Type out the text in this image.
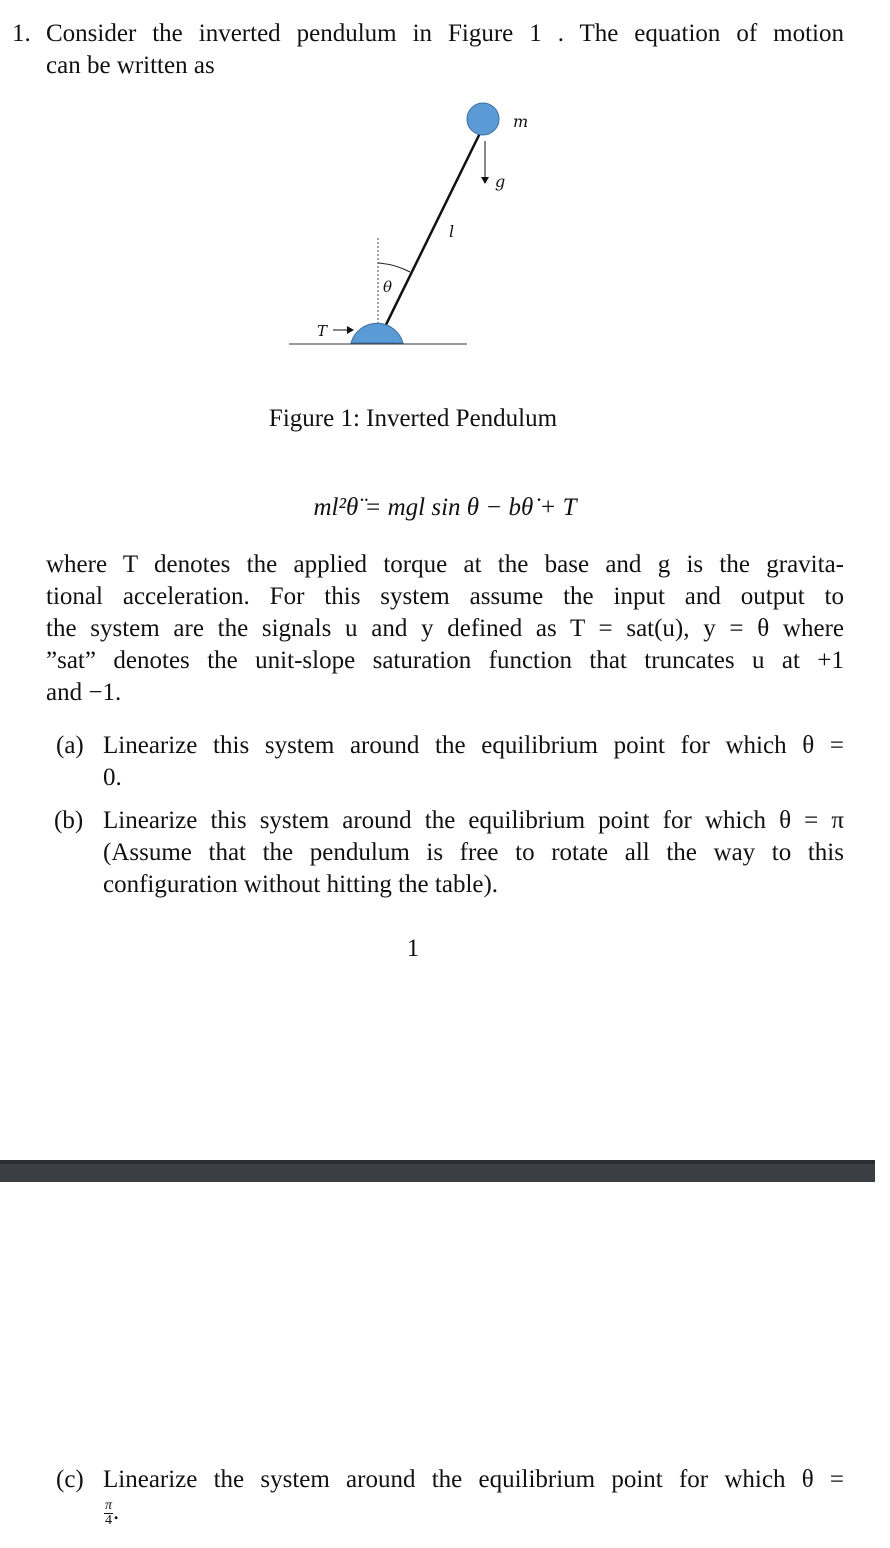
1. Consider the inverted pendulum in Figure 1 . The equation of motion
can be written as
m
g
l
θ
T
Figure 1: Inverted Pendulum
ml²θ̈ = mgl sin θ − bθ̇ + T
where T denotes the applied torque at the base and g is the gravita-
tional acceleration. For this system assume the input and output to
the system are the signals u and y defined as T = sat(u), y = θ where
”sat” denotes the unit-slope saturation function that truncates u at +1
and −1.
(a) Linearize this system around the equilibrium point for which θ =
0.
(b) Linearize this system around the equilibrium point for which θ = π
(Assume that the pendulum is free to rotate all the way to this
configuration without hitting the table).
1
(c) Linearize the system around the equilibrium point for which θ =
$\frac{\pi}{4}$ .
